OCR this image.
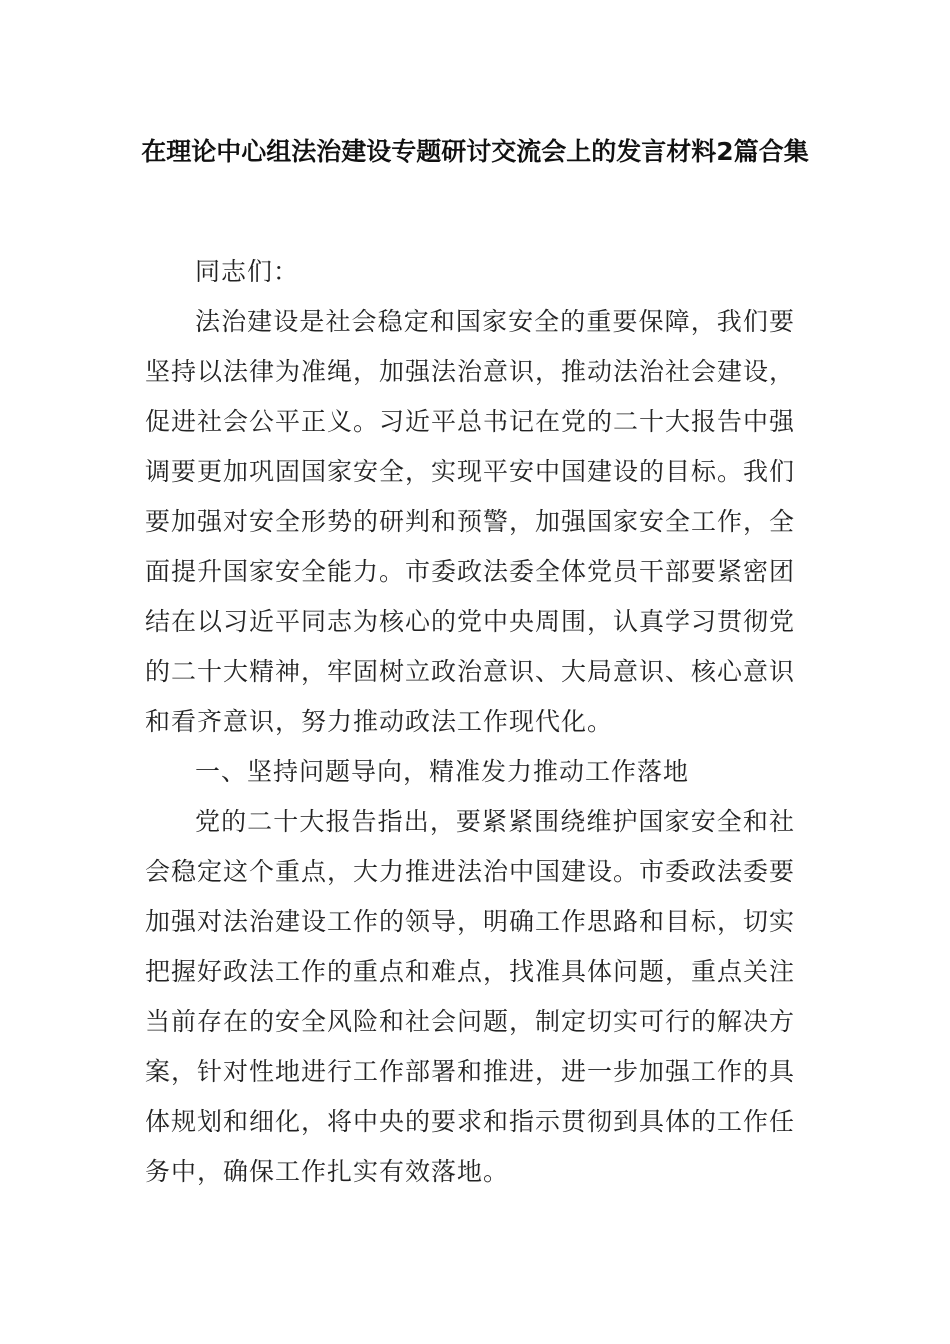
在理论中心组法治建设专题研讨交流会上的发言材料2篇合集

同志们：

法治建设是社会稳定和国家安全的重要保障，我们要坚持以法律为准绳，加强法治意识，推动法治社会建设，促进社会公平正义。习近平总书记在党的二十大报告中强调要更加巩固国家安全，实现平安中国建设的目标。我们要加强对安全形势的研判和预警，加强国家安全工作，全面提升国家安全能力。市委政法委全体党员干部要紧密团结在以习近平同志为核心的党中央周围，认真学习贯彻党的二十大精神，牢固树立政治意识、大局意识、核心意识和看齐意识，努力推动政法工作现代化。

一、坚持问题导向，精准发力推动工作落地

党的二十大报告指出，要紧紧围绕维护国家安全和社会稳定这个重点，大力推进法治中国建设。市委政法委要加强对法治建设工作的领导，明确工作思路和目标，切实把握好政法工作的重点和难点，找准具体问题，重点关注当前存在的安全风险和社会问题，制定切实可行的解决方案，针对性地进行工作部署和推进，进一步加强工作的具体规划和细化，将中央的要求和指示贯彻到具体的工作任务中，确保工作扎实有效落地。
